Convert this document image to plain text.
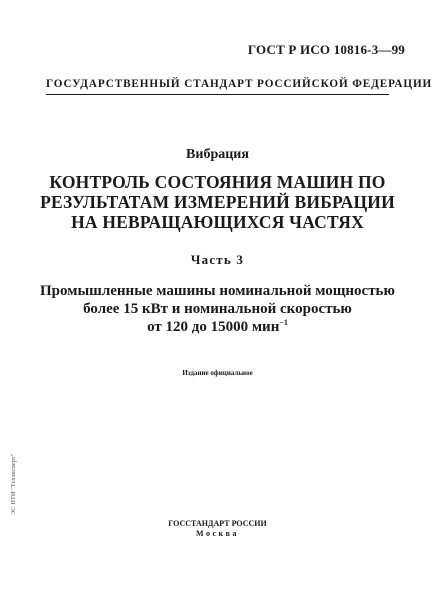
ГОСТ Р ИСО 10816-3—99
ГОСУДАРСТВЕННЫЙ СТАНДАРТ РОССИЙСКОЙ ФЕДЕРАЦИИ
Вибрация
КОНТРОЛЬ СОСТОЯНИЯ МАШИН ПО
РЕЗУЛЬТАТАМ ИЗМЕРЕНИЙ ВИБРАЦИИ
НА НЕВРАЩАЮЩИХСЯ ЧАСТЯХ
Часть 3
Промышленные машины номинальной мощностью
более 15 кВт и номинальной скоростью
от 120 до 15000 мин$^{-1}$
Издание официальное
ГОССТАНДАРТ РОССИИ
Москва
ЭС НТИ "Техэксперт"
